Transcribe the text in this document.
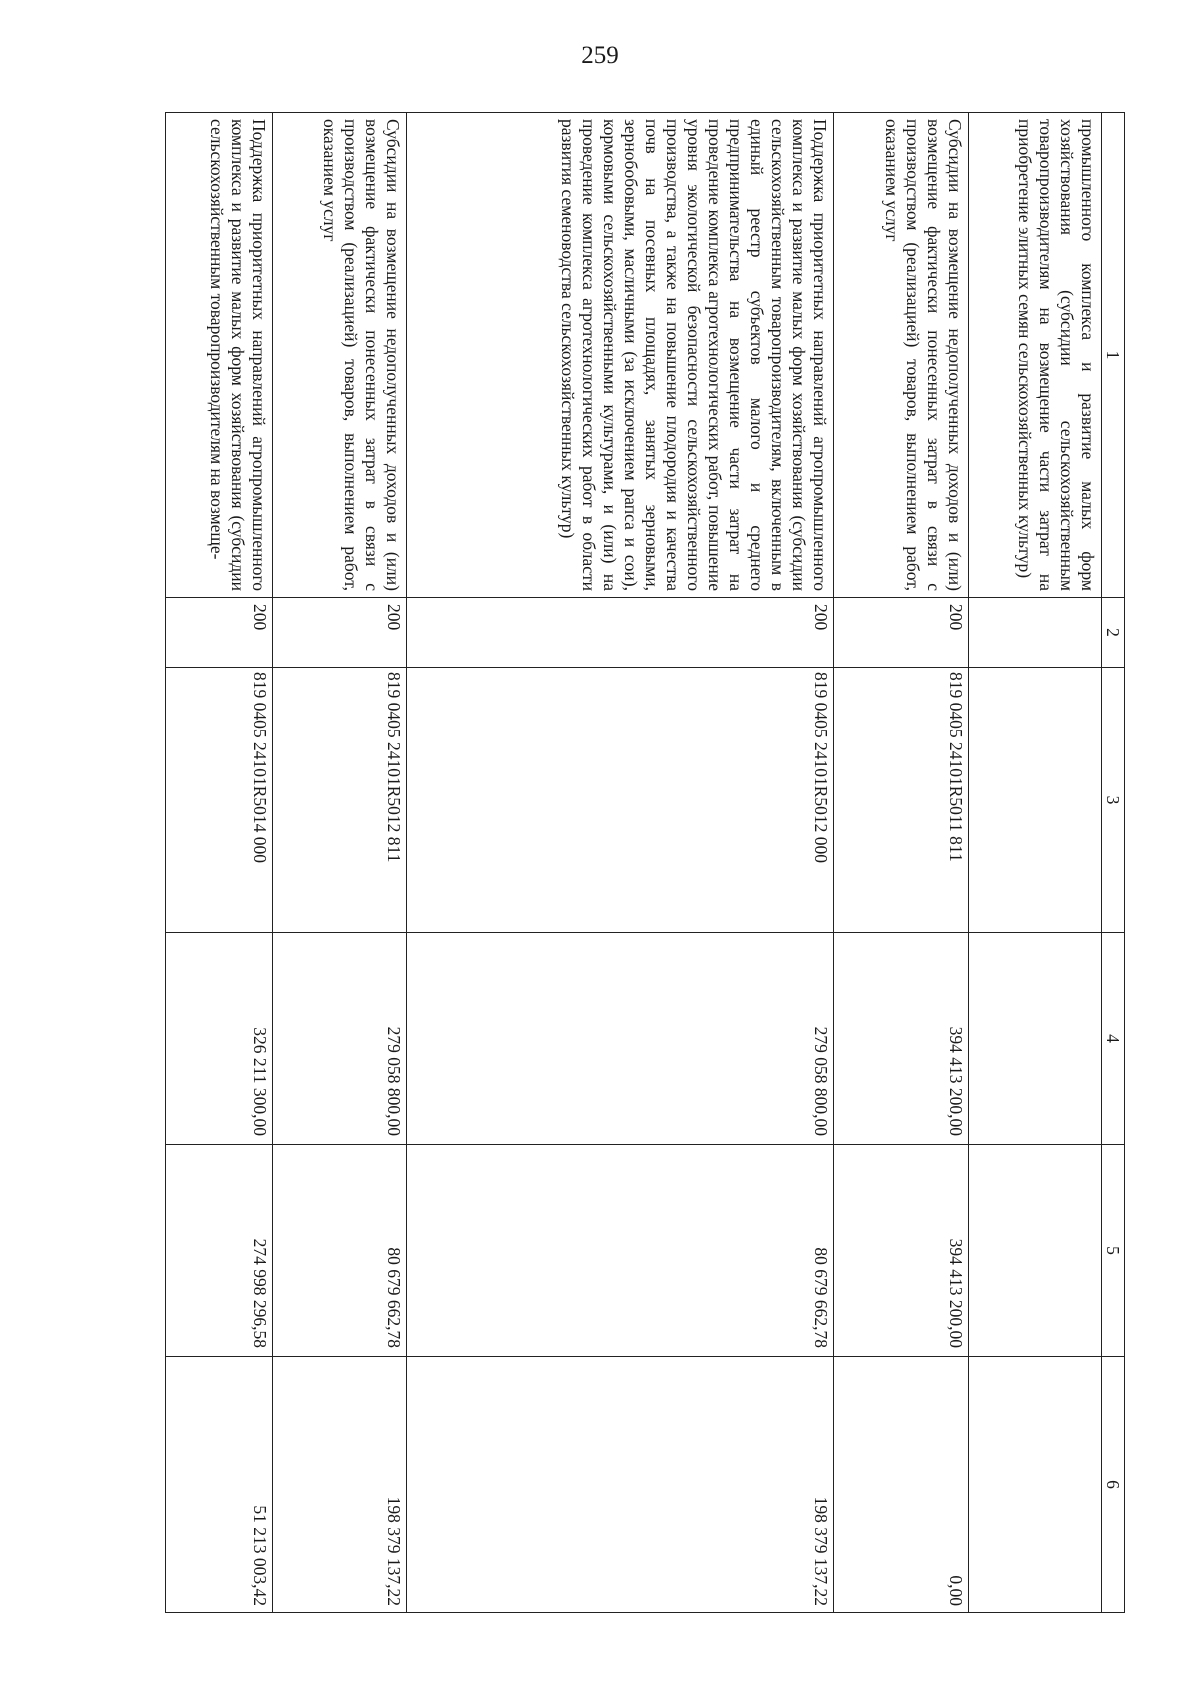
259
1	2	3	4	5	6
промышленного комплекса и развитие малых форм хозяйствования (субсидии сельскохозяйственным товаропроизводителям на возмещение части затрат на приобретение элитных семян сельскохозяйственных культур)					
Субсидии на возмещение недополученных доходов и (или) возмещение фактически понесенных затрат в связи с производством (реализацией) товаров, выполнением работ, оказанием услуг	200	819 0405 24101R5011 811	394 413 200,00	394 413 200,00	0,00
Поддержка приоритетных направлений агропромышленного комплекса и развитие малых форм хозяйствования (субсидии сельскохозяйственным товаропроизводителям, включенным в единый реестр субъектов малого и среднего предпринимательства на возмещение части затрат на проведение комплекса агротехнологических работ, повышение уровня экологической безопасности сельскохозяйственного производства, а также на повышение плодородия и качества почв на посевных площадях, занятых зерновыми, зернобобовыми, масличными (за исключением рапса и сои), кормовыми сельскохозяйственными культурами, и (или) на проведение комплекса агротехнологических работ в области развития семеноводства сельскохозяйственных культур)	200	819 0405 24101R5012 000	279 058 800,00	80 679 662,78	198 379 137,22
Субсидии на возмещение недополученных доходов и (или) возмещение фактически понесенных затрат в связи с производством (реализацией) товаров, выполнением работ, оказанием услуг	200	819 0405 24101R5012 811	279 058 800,00	80 679 662,78	198 379 137,22
Поддержка приоритетных направлений агропромышленного комплекса и развитие малых форм хозяйствования (субсидии сельскохозяйственным товаропроизводителям на возмеще-	200	819 0405 24101R5014 000	326 211 300,00	274 998 296,58	51 213 003,42
